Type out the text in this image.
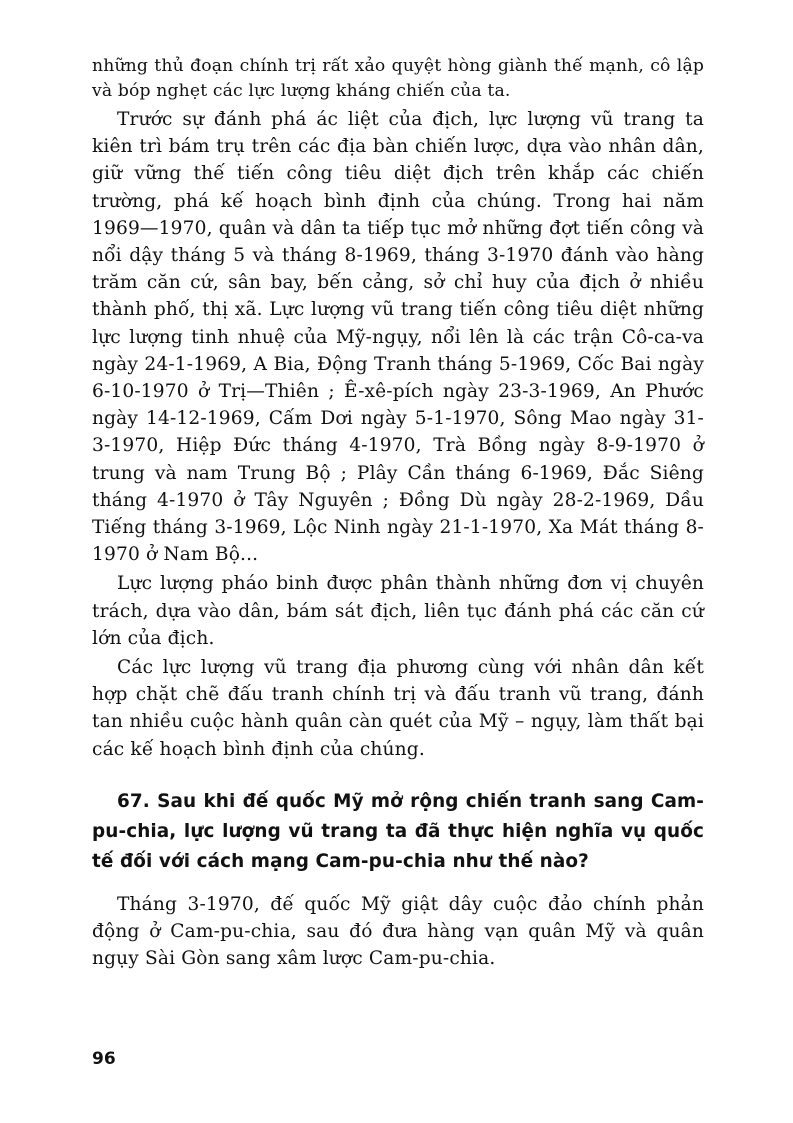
những thủ đoạn chính trị rất xảo quyệt hòng giành thế mạnh, cô lập và bóp nghẹt các lực lượng kháng chiến của ta.

Trước sự đánh phá ác liệt của địch, lực lượng vũ trang ta kiên trì bám trụ trên các địa bàn chiến lược, dựa vào nhân dân, giữ vững thế tiến công tiêu diệt địch trên khắp các chiến trường, phá kế hoạch bình định của chúng. Trong hai năm 1969—1970, quân và dân ta tiếp tục mở những đợt tiến công và nổi dậy tháng 5 và tháng 8-1969, tháng 3-1970 đánh vào hàng trăm căn cứ, sân bay, bến cảng, sở chỉ huy của địch ở nhiều thành phố, thị xã. Lực lượng vũ trang tiến công tiêu diệt những lực lượng tinh nhuệ của Mỹ-ngụy, nổi lên là các trận Cô-ca-va ngày 24-1-1969, A Bia, Động Tranh tháng 5-1969, Cốc Bai ngày 6-10-1970 ở Trị—Thiên ; Ê-xê-pích ngày 23-3-1969, An Phước ngày 14-12-1969, Cấm Dơi ngày 5-1-1970, Sông Mao ngày 31-3-1970, Hiệp Đức tháng 4-1970, Trà Bồng ngày 8-9-1970 ở trung và nam Trung Bộ ; Plây Cần tháng 6-1969, Đắc Siêng tháng 4-1970 ở Tây Nguyên ; Đồng Dù ngày 28-2-1969, Dầu Tiếng tháng 3-1969, Lộc Ninh ngày 21-1-1970, Xa Mát tháng 8-1970 ở Nam Bộ...

Lực lượng pháo binh được phân thành những đơn vị chuyên trách, dựa vào dân, bám sát địch, liên tục đánh phá các căn cứ lớn của địch.

Các lực lượng vũ trang địa phương cùng với nhân dân kết hợp chặt chẽ đấu tranh chính trị và đấu tranh vũ trang, đánh tan nhiều cuộc hành quân càn quét của Mỹ – ngụy, làm thất bại các kế hoạch bình định của chúng.

67. Sau khi đế quốc Mỹ mở rộng chiến tranh sang Cam-pu-chia, lực lượng vũ trang ta đã thực hiện nghĩa vụ quốc tế đối với cách mạng Cam-pu-chia như thế nào?

Tháng 3-1970, đế quốc Mỹ giật dây cuộc đảo chính phản động ở Cam-pu-chia, sau đó đưa hàng vạn quân Mỹ và quân ngụy Sài Gòn sang xâm lược Cam-pu-chia.

96
